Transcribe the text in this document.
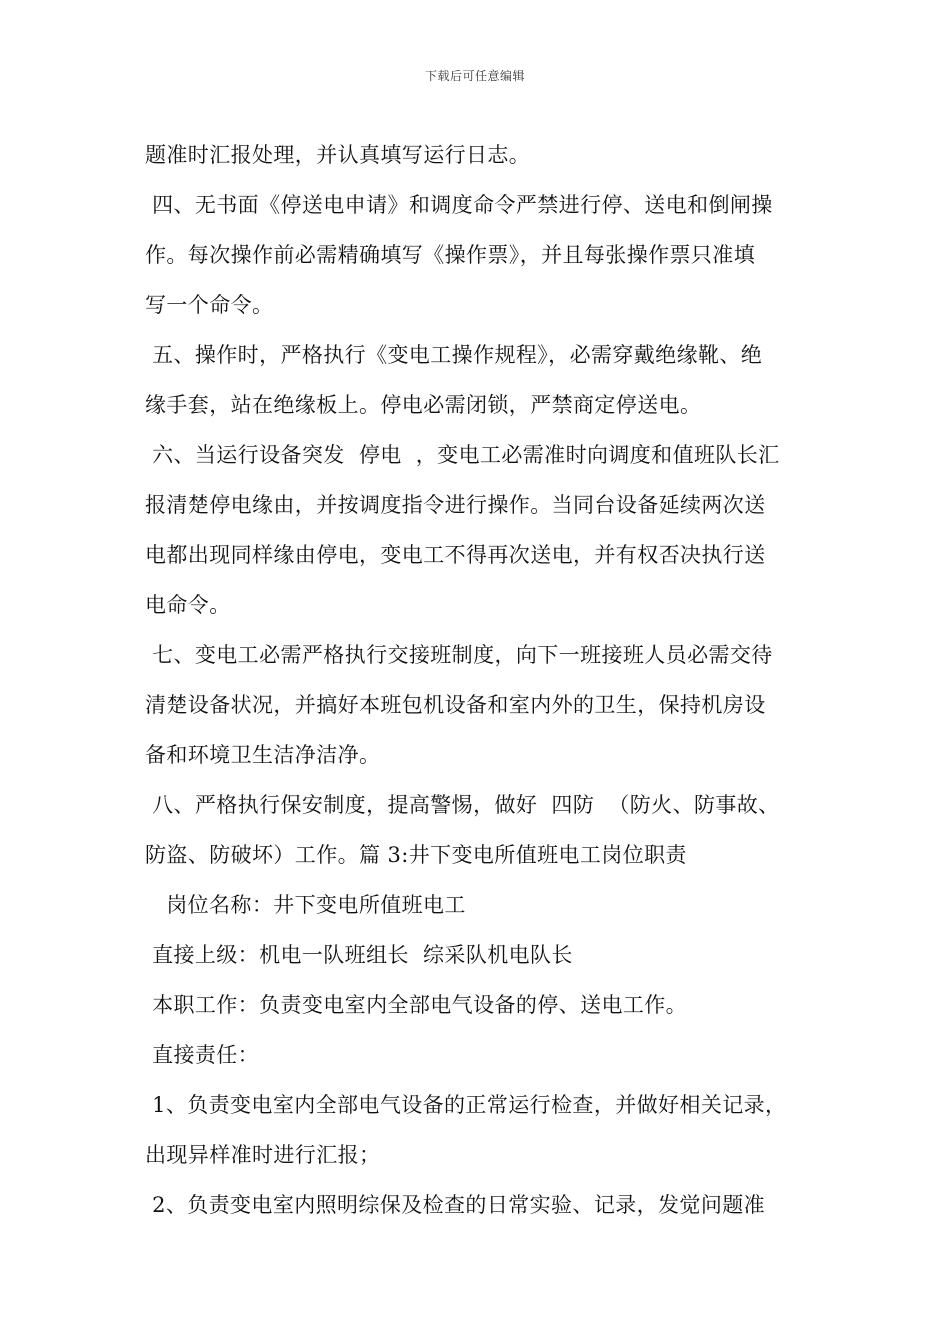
下载后可任意编辑
题准时汇报处理，并认真填写运行日志。
四、无书面《停送电申请》和调度命令严禁进行停、送电和倒闸操
作。每次操作前必需精确填写《操作票》，并且每张操作票只准填
写一个命令。
五、操作时，严格执行《变电工操作规程》，必需穿戴绝缘靴、绝
缘手套，站在绝缘板上。停电必需闭锁，严禁商定停送电。
六、当运行设备突发  停电  ，变电工必需准时向调度和值班队长汇
报清楚停电缘由，并按调度指令进行操作。当同台设备延续两次送
电都出现同样缘由停电，变电工不得再次送电，并有权否决执行送
电命令。
七、变电工必需严格执行交接班制度，向下一班接班人员必需交待
清楚设备状况，并搞好本班包机设备和室内外的卫生，保持机房设
备和环境卫生洁净洁净。
八、严格执行保安制度，提高警惕，做好  四防  （防火、防事故、
防盗、防破坏）工作。篇 3:井下变电所值班电工岗位职责
岗位名称：井下变电所值班电工
直接上级：机电一队班组长  综采队机电队长
本职工作：负责变电室内全部电气设备的停、送电工作。
直接责任：
1、负责变电室内全部电气设备的正常运行检查，并做好相关记录，
出现异样准时进行汇报；
2、负责变电室内照明综保及检查的日常实验、记录，发觉问题准
